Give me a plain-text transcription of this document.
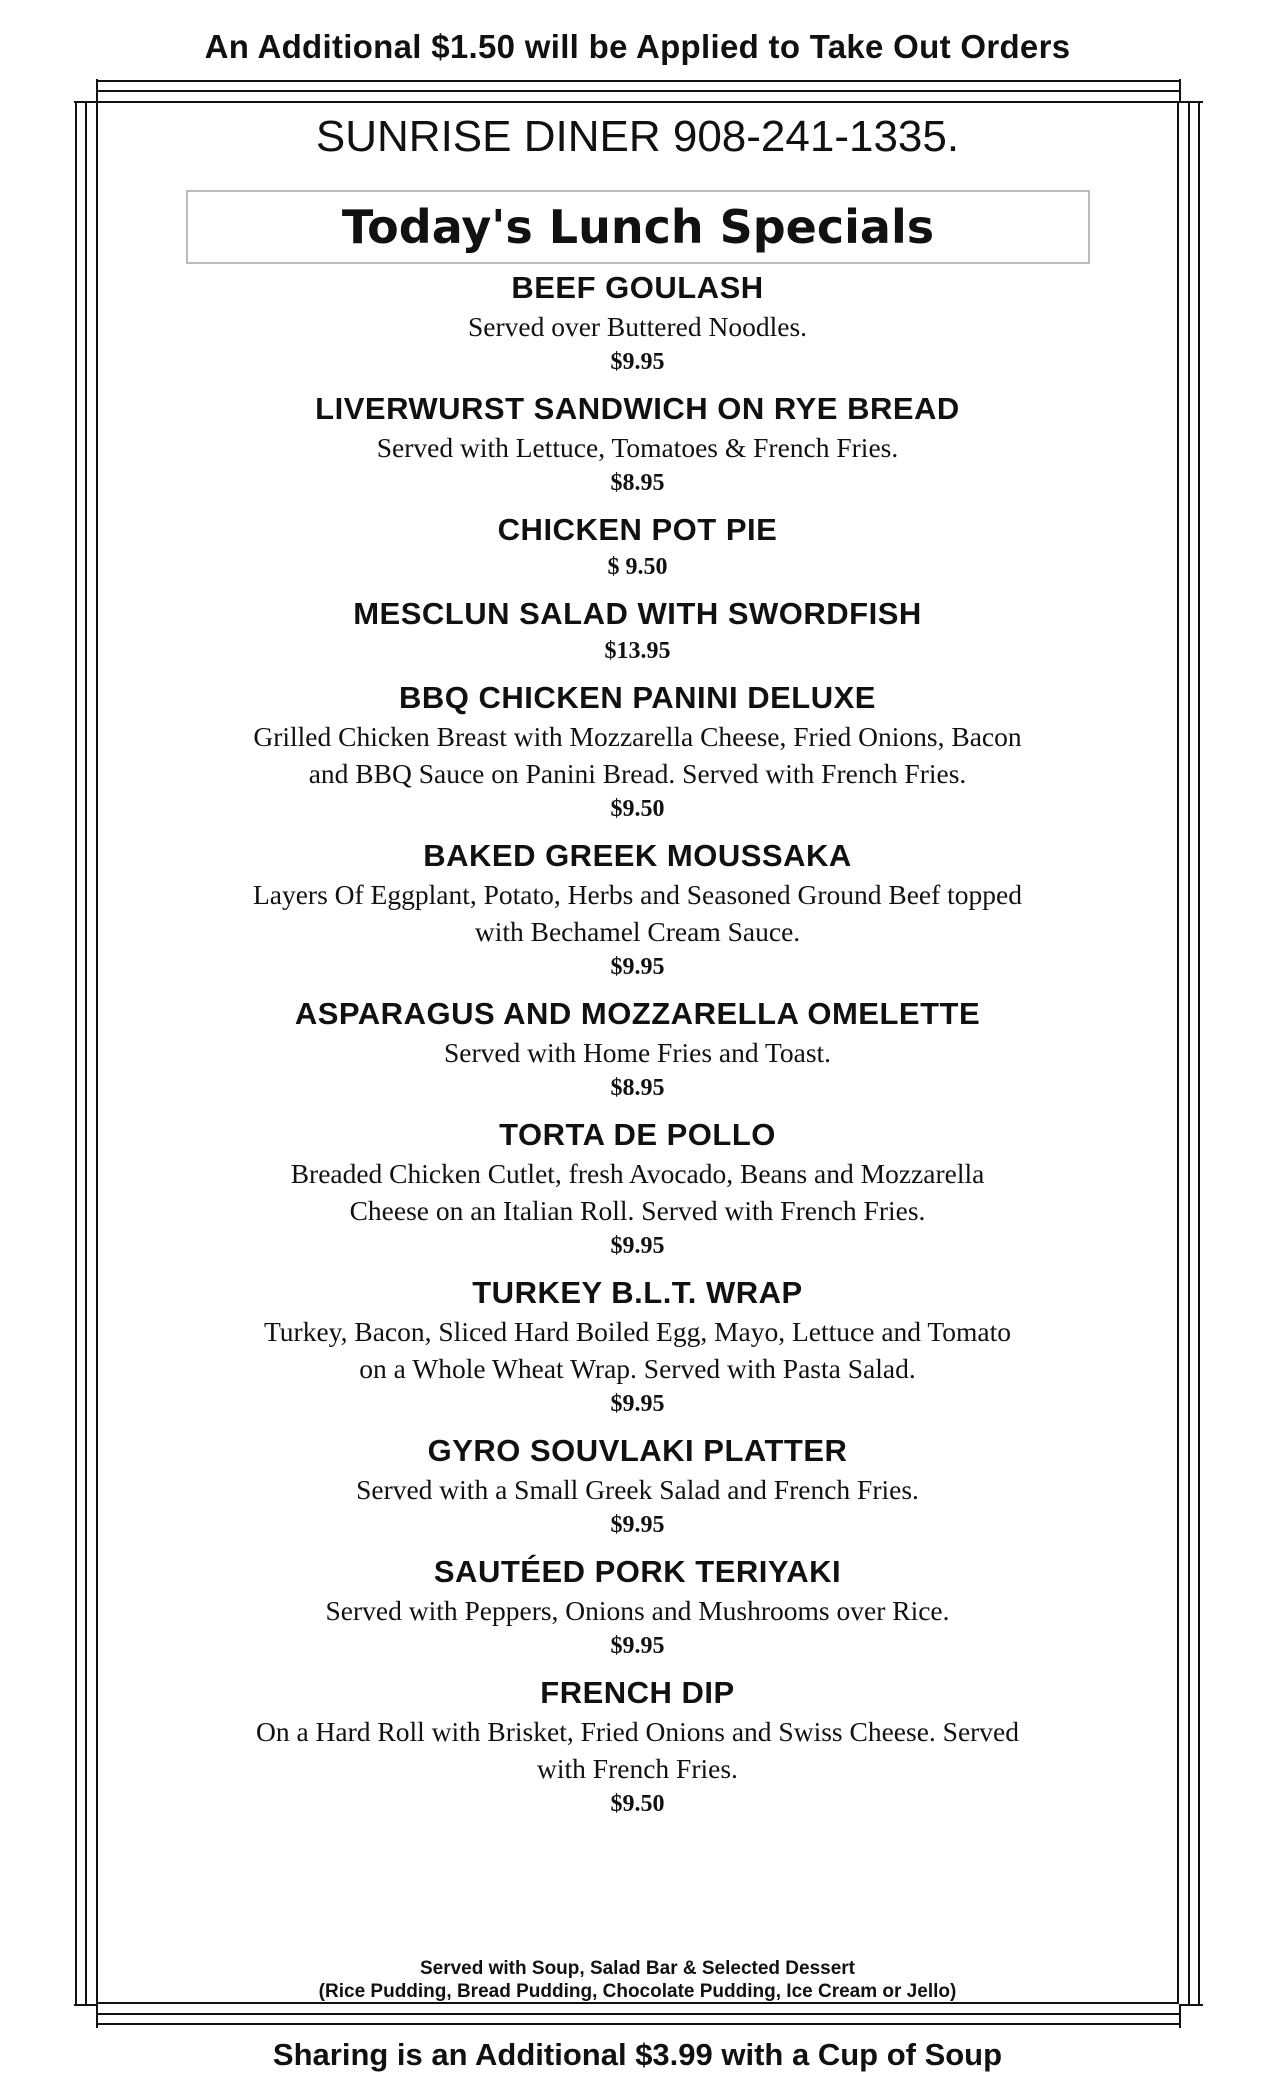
An Additional $1.50 will be Applied to Take Out Orders
SUNRISE DINER 908-241-1335.
Today's Lunch Specials
BEEF GOULASH
Served over Buttered Noodles.
$9.95
LIVERWURST SANDWICH ON RYE BREAD
Served with Lettuce, Tomatoes & French Fries.
$8.95
CHICKEN POT PIE
$ 9.50
MESCLUN SALAD WITH SWORDFISH
$13.95
BBQ CHICKEN PANINI DELUXE
Grilled Chicken Breast with Mozzarella Cheese, Fried Onions, Bacon
and BBQ Sauce on Panini Bread. Served with French Fries.
$9.50
BAKED GREEK MOUSSAKA
Layers Of Eggplant, Potato, Herbs and Seasoned Ground Beef topped
with Bechamel Cream Sauce.
$9.95
ASPARAGUS AND MOZZARELLA OMELETTE
Served with Home Fries and Toast.
$8.95
TORTA DE POLLO
Breaded Chicken Cutlet, fresh Avocado, Beans and Mozzarella
Cheese on an Italian Roll. Served with French Fries.
$9.95
TURKEY B.L.T. WRAP
Turkey, Bacon, Sliced Hard Boiled Egg, Mayo, Lettuce and Tomato
on a Whole Wheat Wrap. Served with Pasta Salad.
$9.95
GYRO SOUVLAKI PLATTER
Served with a Small Greek Salad and French Fries.
$9.95
SAUTÉED PORK TERIYAKI
Served with Peppers, Onions and Mushrooms over Rice.
$9.95
FRENCH DIP
On a Hard Roll with Brisket, Fried Onions and Swiss Cheese. Served
with French Fries.
$9.50
Served with Soup, Salad Bar & Selected Dessert
(Rice Pudding, Bread Pudding, Chocolate Pudding, Ice Cream or Jello)
Sharing is an Additional $3.99 with a Cup of Soup
